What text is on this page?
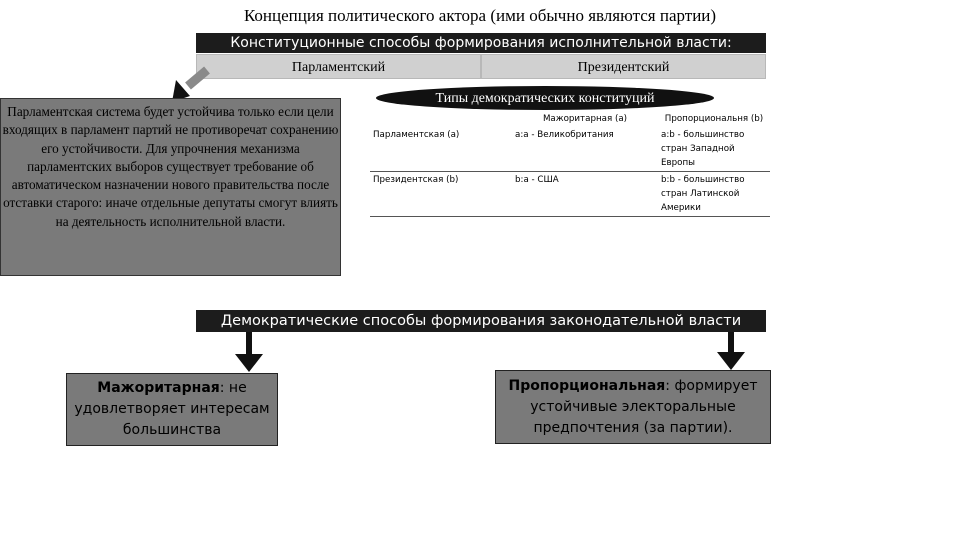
Концепция политического актора (ими обычно являются партии)
Конституционные способы формирования исполнительной власти:
Парламентский	Президентский
Парламентская система будет устойчива только если цели входящих в парламент партий не противоречат сохранению его устойчивости. Для упрочнения механизма парламентских выборов существует требование об автоматическом назначении нового правительства после отставки старого: иначе отдельные депутаты смогут влиять на деятельность исполнительной власти.
Типы демократических конституций
	Мажоритарная (а)	Пропорциональня (b)
Парламентская (a)	a:a - Великобритания	a:b - большинство стран Западной Европы
Президентская (b)	b:a - США	b:b - большинство стран Латинской Америки
Демократические способы формирования законодательной власти
Мажоритарная: не удовлетворяет интересам большинства
Пропорциональная: формирует устойчивые электоральные предпочтения (за партии).
